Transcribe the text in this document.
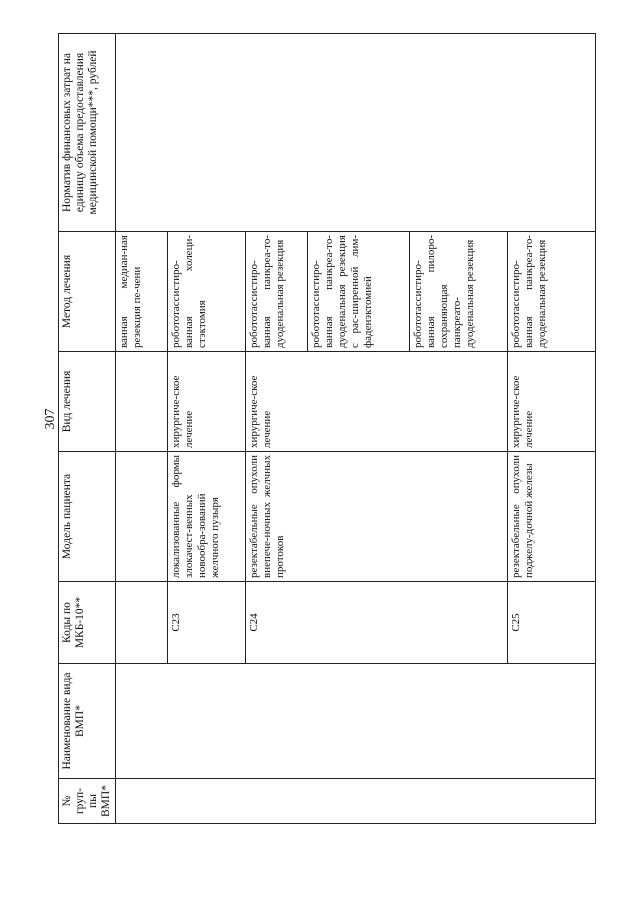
307
№ груп-пы ВМП*	Наименование вида ВМП*	Коды по МКБ-10**	Модель пациента	Вид лечения	Метод лечения	Норматив финансовых затрат на единицу объема предоставления медицинской помощи***, рублей
					ванная медиан-ная резекция пе-чени	
		C23	локализованные формы злокачест-венных новообра-зований желчного пузыря	хирургиче-ское лечение	робототассистиро-ванная холеци-стэктомия	
		C24	резектабельные опухоли внепече-ночных желчных протоков	хирургиче-ское лечение	робототассистиро-ванная панкреа-то-дуоденальная резекция	
					робототассистиро-ванная панкреа-то-дуоденальная резекция с рас-ширенной лим-фаденэктомией	
					робототассистиро-ванная пилоро-сохраняющая панкреато-дуоденальная резекция	
		C25	резектабельные опухоли поджелу-дочной железы	хирургиче-ское лечение	робототассистиро-ванная панкреа-то-дуоденальная резекция	
